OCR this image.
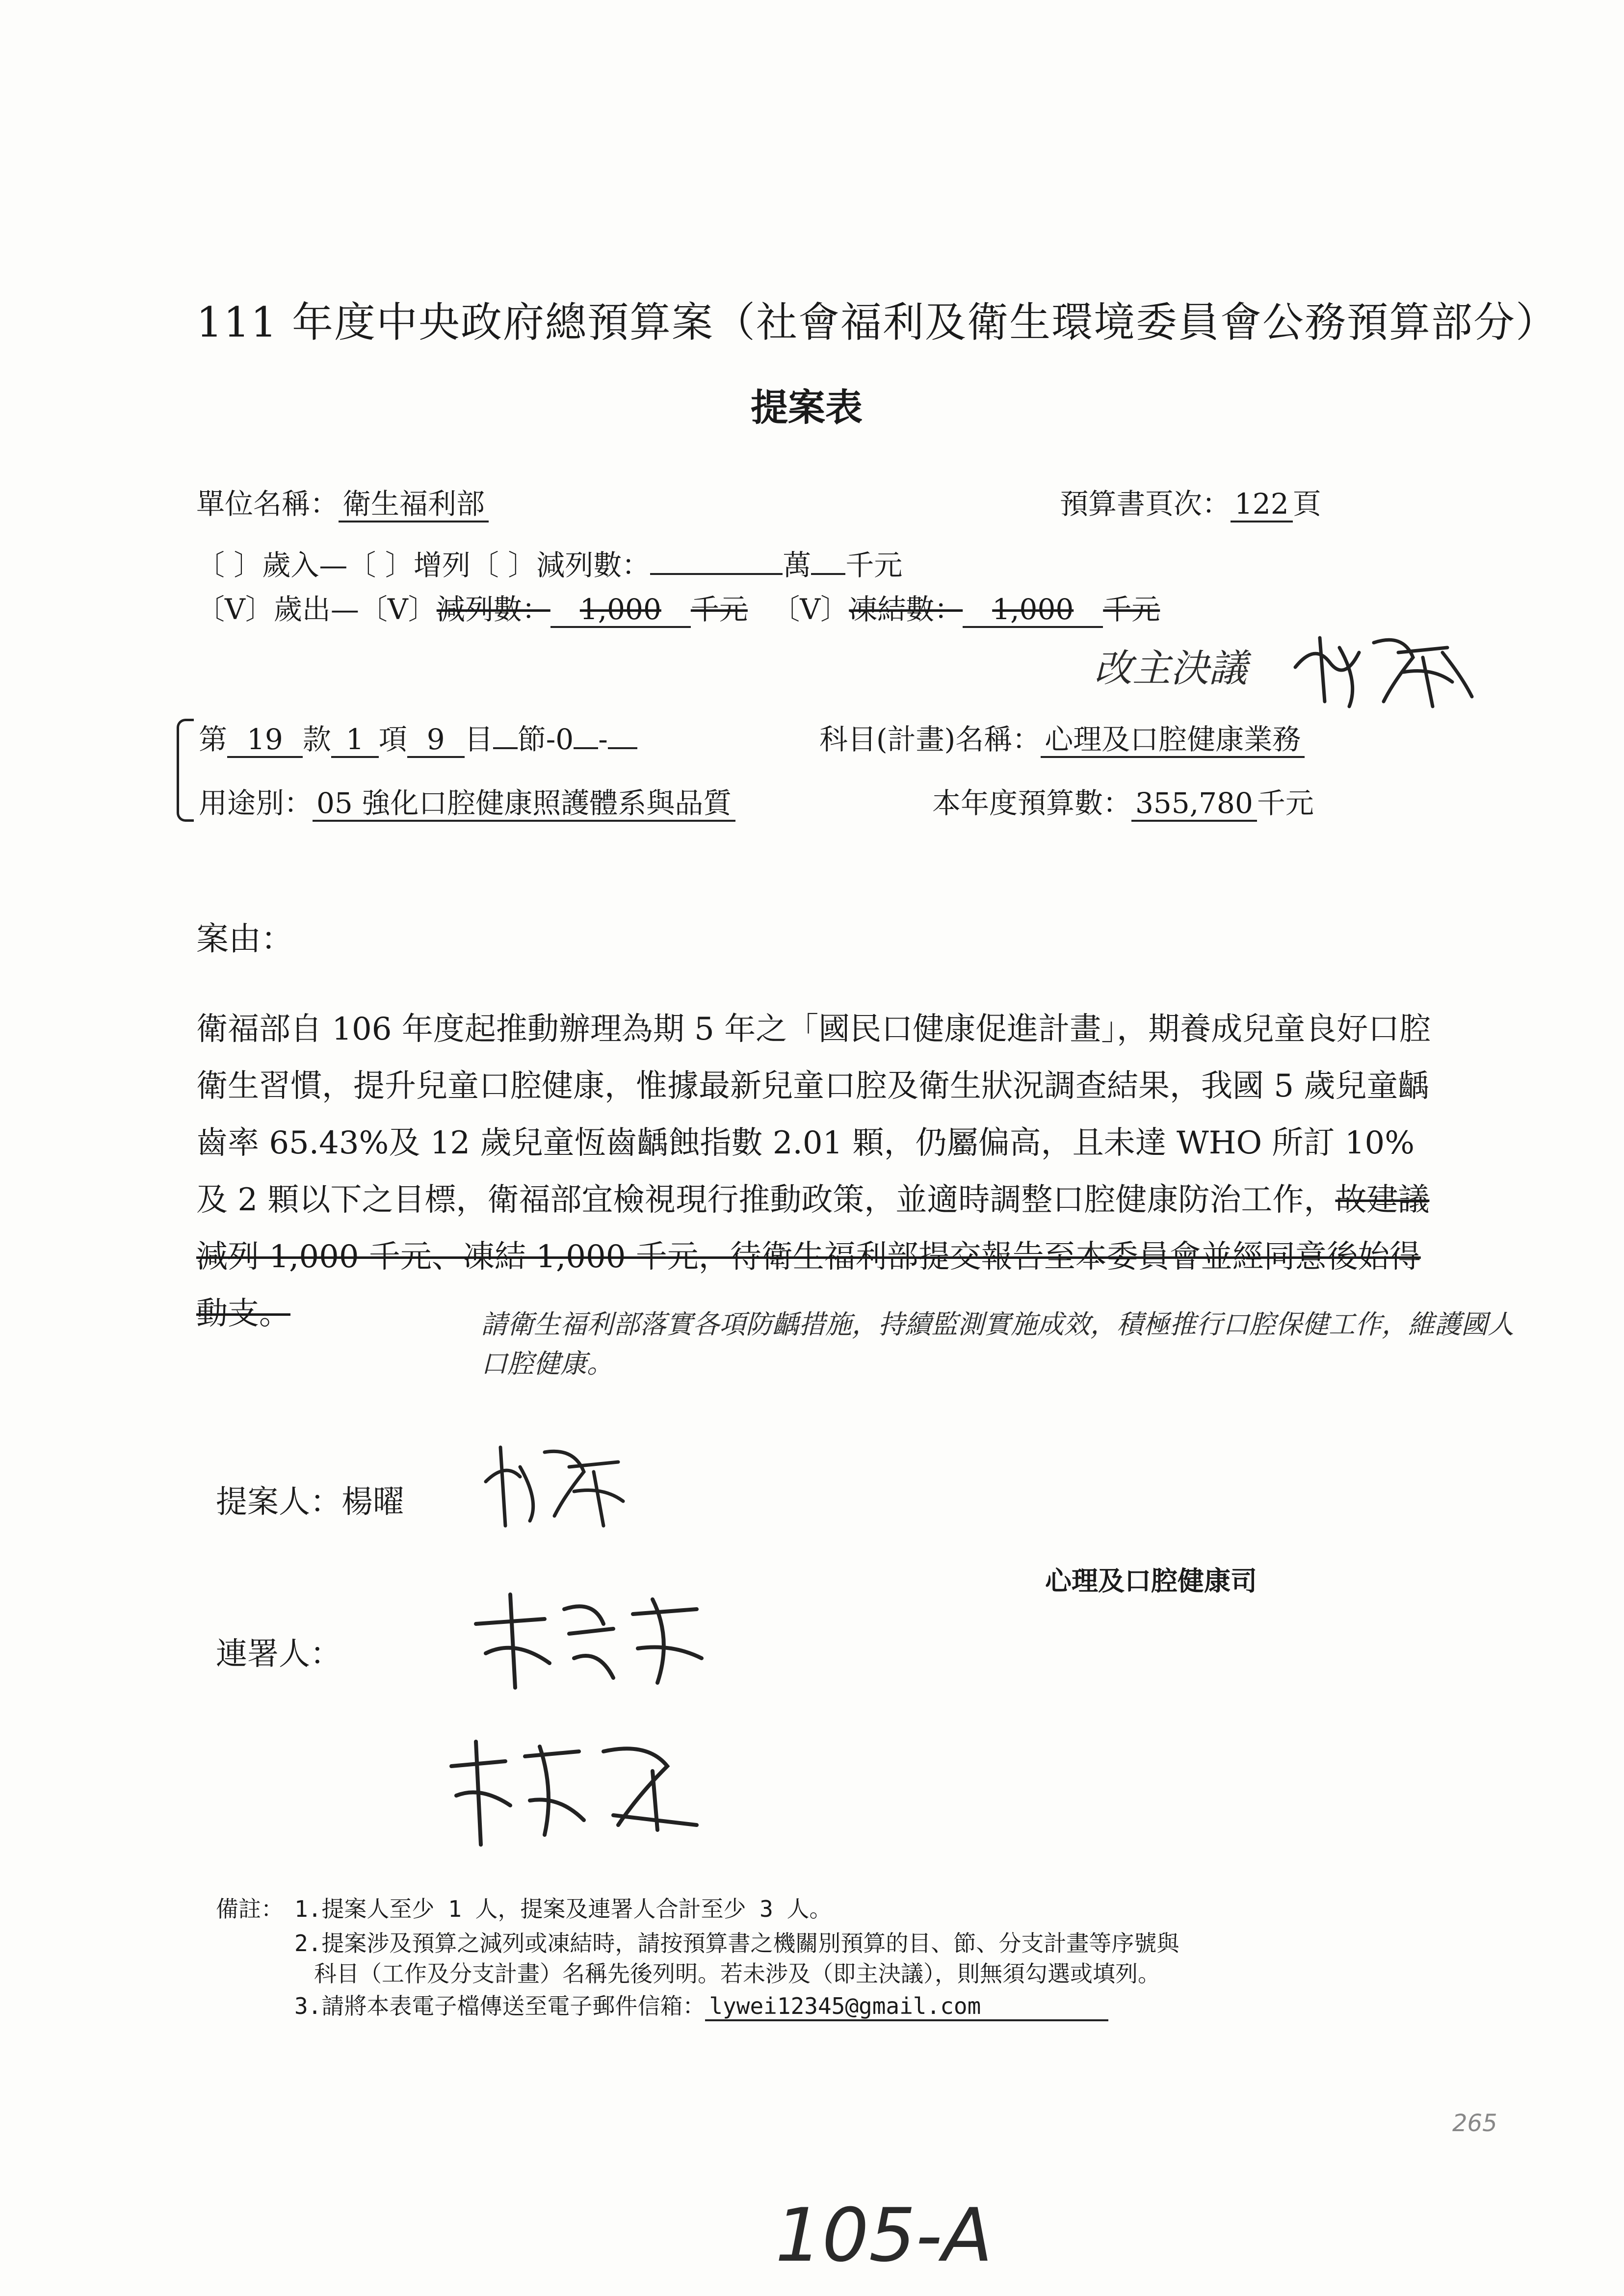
111 年度中央政府總預算案（社會福利及衛生環境委員會公務預算部分）
提案表
單位名稱： 衛生福利部	預算書頁次： 122 頁
〔 〕歲入—〔 〕增列〔 〕減列數：	萬 千元
〔V〕歲出—〔V〕減列數： 1,000 千元 〔V〕凍結數： 1,000 千元
改主決議
第 19 款 1 項 9 目 節-0 -	科目(計畫)名稱： 心理及口腔健康業務
用途別： 05 強化口腔健康照護體系與品質	本年度預算數： 355,780 千元
案由：
衛福部自 106 年度起推動辦理為期 5 年之「國民口健康促進計畫」，期養成兒童良好口腔衛生習慣，提升兒童口腔健康，惟據最新兒童口腔及衛生狀況調查結果，我國 5 歲兒童齲齒率 65.43%及 12 歲兒童恆齒齲蝕指數 2.01 顆，仍屬偏高，且未達 WHO 所訂 10%及 2 顆以下之目標，衛福部宜檢視現行推動政策，並適時調整口腔健康防治工作，故建議減列 1,000 千元、凍結 1,000 千元，待衛生福利部提交報告至本委員會並經同意後始得動支。	請衛生福利部落實各項防齲措施，持續監測實施成效，積極推行口腔保健工作，維護國人口腔健康。
提案人：楊曜
心理及口腔健康司
連署人：
備註： 1.提案人至少 1 人，提案及連署人合計至少 3 人。
2.提案涉及預算之減列或凍結時，請按預算書之機關別預算的目、節、分支計畫等序號與
科目（工作及分支計畫）名稱先後列明。若未涉及（即主決議），則無須勾選或填列。
3.請將本表電子檔傳送至電子郵件信箱： lywei12345@gmail.com
265
105-A
